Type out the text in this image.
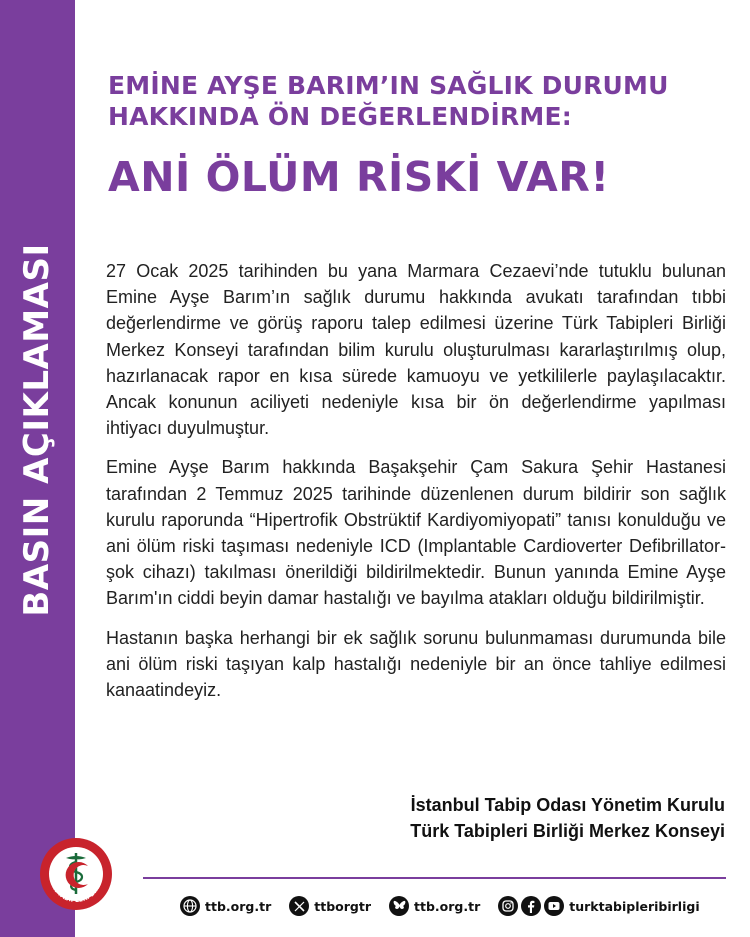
BASIN AÇIKLAMASI
EMİNE AYŞE BARIM’IN SAĞLIK DURUMU
HAKKINDA ÖN DEĞERLENDİRME:
ANİ ÖLÜM RİSKİ VAR!

27 Ocak 2025 tarihinden bu yana Marmara Cezaevi’nde tutuklu bulunan Emine Ayşe Barım’ın sağlık durumu hakkında avukatı tarafından tıbbi değerlendirme ve görüş raporu talep edilmesi üzerine Türk Tabipleri Birliği Merkez Konseyi tarafından bilim kurulu oluşturulması kararlaştırılmış olup, hazırlanacak rapor en kısa sürede kamuoyu ve yetkililerle paylaşılacaktır. Ancak konunun aciliyeti nedeniyle kısa bir ön değerlendirme yapılması ihtiyacı duyulmuştur.

Emine Ayşe Barım hakkında Başakşehir Çam Sakura Şehir Hastanesi tarafından 2 Temmuz 2025 tarihinde düzenlenen durum bildirir son sağlık kurulu raporunda “Hipertrofik Obstrüktif Kardiyomiyopati” tanısı konulduğu ve ani ölüm riski taşıması nedeniyle ICD (Implantable Cardioverter Defibrillator-şok cihazı) takılması önerildiği bildirilmektedir. Bunun yanında Emine Ayşe Barım'ın ciddi beyin damar hastalığı ve bayılma atakları olduğu bildirilmiştir.

Hastanın başka herhangi bir ek sağlık sorunu bulunmaması durumunda bile ani ölüm riski taşıyan kalp hastalığı nedeniyle bir an önce tahliye edilmesi kanaatindeyiz.

İstanbul Tabip Odası Yönetim Kurulu
Türk Tabipleri Birliği Merkez Konseyi
TÜRK TABİPLERİ BİRLİĞ
ttb.org.tr	ttborgtr	ttb.org.tr	turktabipleribirligi
